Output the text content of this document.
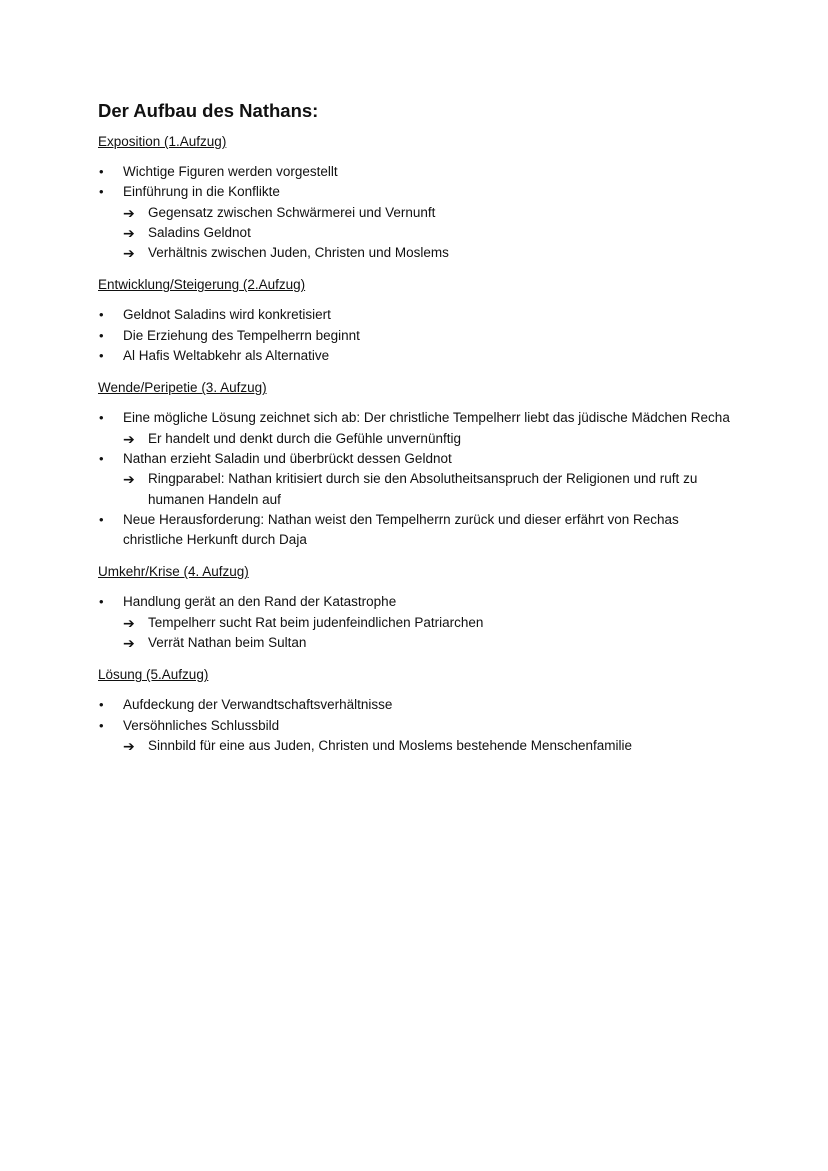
Der Aufbau des Nathans:
Exposition (1.Aufzug)
• Wichtige Figuren werden vorgestellt
• Einführung in die Konflikte
➔ Gegensatz zwischen Schwärmerei und Vernunft
➔ Saladins Geldnot
➔ Verhältnis zwischen Juden, Christen und Moslems
Entwicklung/Steigerung (2.Aufzug)
• Geldnot Saladins wird konkretisiert
• Die Erziehung des Tempelherrn beginnt
• Al Hafis Weltabkehr als Alternative
Wende/Peripetie (3. Aufzug)
• Eine mögliche Lösung zeichnet sich ab: Der christliche Tempelherr liebt das jüdische Mädchen Recha
➔ Er handelt und denkt durch die Gefühle unvernünftig
• Nathan erzieht Saladin und überbrückt dessen Geldnot
➔ Ringparabel: Nathan kritisiert durch sie den Absolutheitsanspruch der Religionen und ruft zu humanen Handeln auf
• Neue Herausforderung: Nathan weist den Tempelherrn zurück und dieser erfährt von Rechas christliche Herkunft durch Daja
Umkehr/Krise (4. Aufzug)
• Handlung gerät an den Rand der Katastrophe
➔ Tempelherr sucht Rat beim judenfeindlichen Patriarchen
➔ Verrät Nathan beim Sultan
Lösung (5.Aufzug)
• Aufdeckung der Verwandtschaftsverhältnisse
• Versöhnliches Schlussbild
➔ Sinnbild für eine aus Juden, Christen und Moslems bestehende Menschenfamilie
